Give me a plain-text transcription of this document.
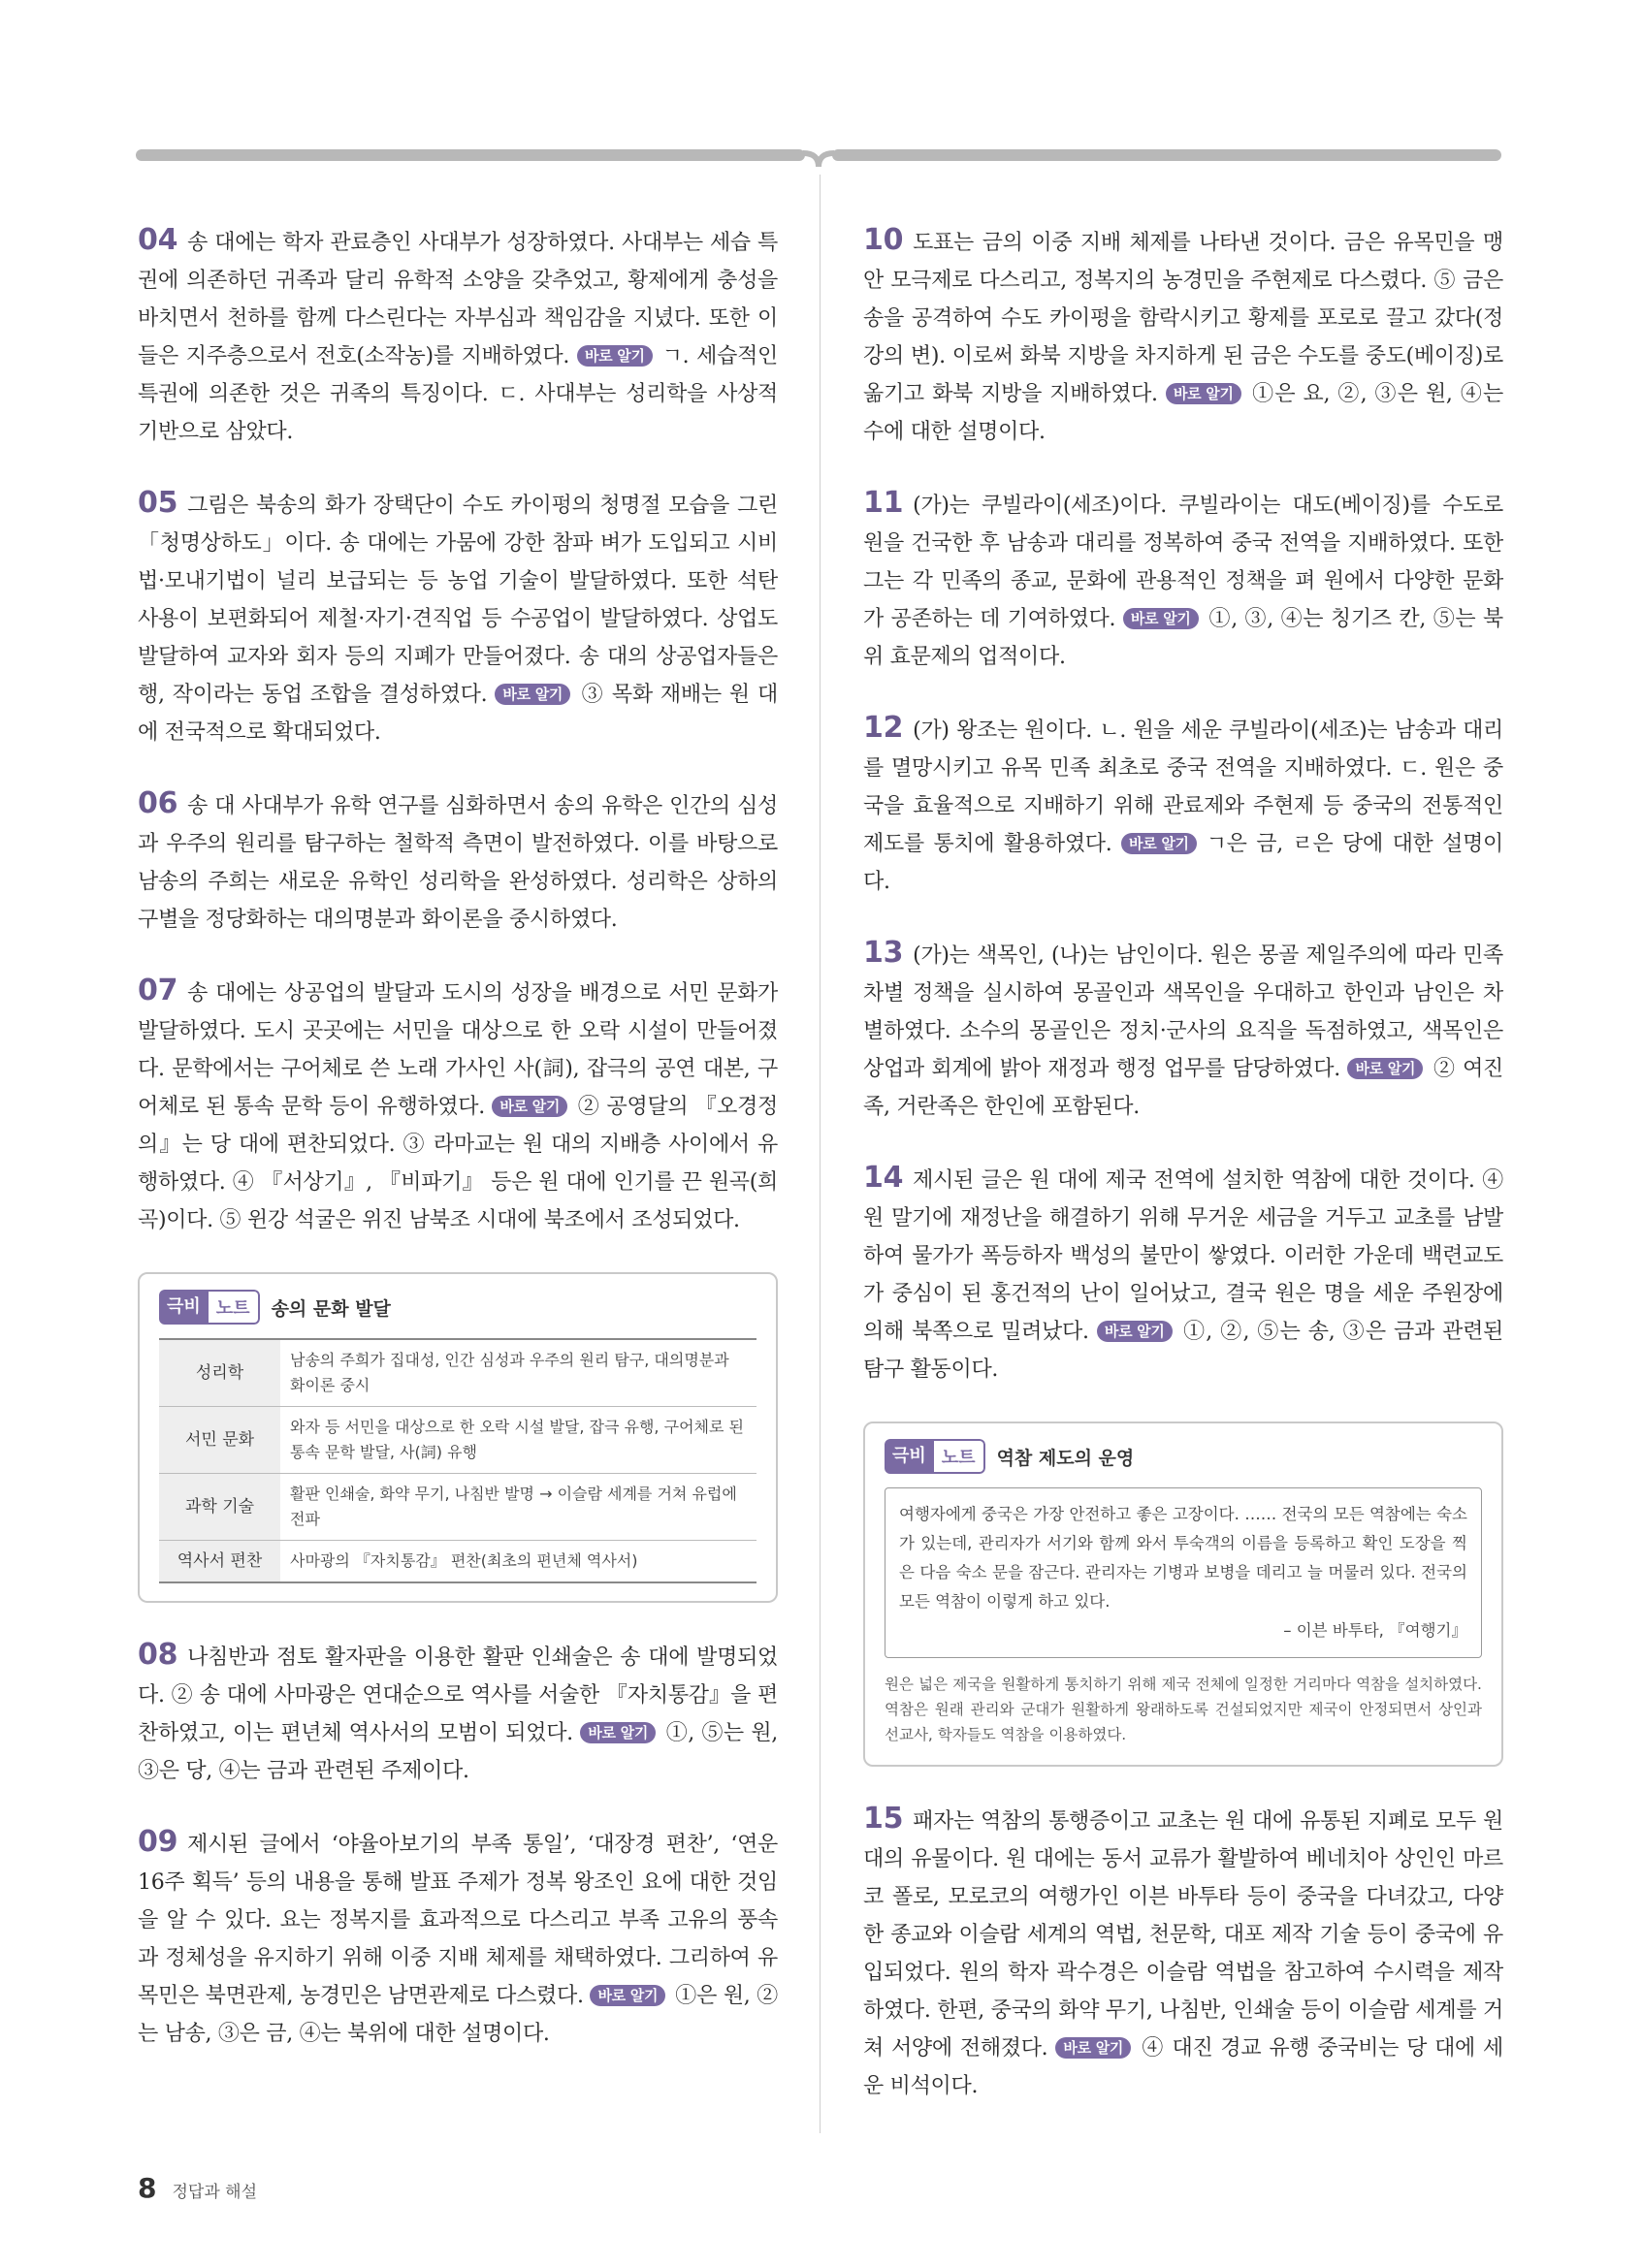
04 송 대에는 학자 관료층인 사대부가 성장하였다. 사대부는 세습 특권에 의존하던 귀족과 달리 유학적 소양을 갖추었고, 황제에게 충성을 바치면서 천하를 함께 다스린다는 자부심과 책임감을 지녔다. 또한 이들은 지주층으로서 전호(소작농)를 지배하였다. 바로 알기 ㄱ. 세습적인 특권에 의존한 것은 귀족의 특징이다. ㄷ. 사대부는 성리학을 사상적 기반으로 삼았다.
05 그림은 북송의 화가 장택단이 수도 카이펑의 청명절 모습을 그린 「청명상하도」이다. 송 대에는 가뭄에 강한 참파 벼가 도입되고 시비법·모내기법이 널리 보급되는 등 농업 기술이 발달하였다. 또한 석탄 사용이 보편화되어 제철·자기·견직업 등 수공업이 발달하였다. 상업도 발달하여 교자와 회자 등의 지폐가 만들어졌다. 송 대의 상공업자들은 행, 작이라는 동업 조합을 결성하였다. 바로 알기 ③ 목화 재배는 원 대에 전국적으로 확대되었다.
06 송 대 사대부가 유학 연구를 심화하면서 송의 유학은 인간의 심성과 우주의 원리를 탐구하는 철학적 측면이 발전하였다. 이를 바탕으로 남송의 주희는 새로운 유학인 성리학을 완성하였다. 성리학은 상하의 구별을 정당화하는 대의명분과 화이론을 중시하였다.
07 송 대에는 상공업의 발달과 도시의 성장을 배경으로 서민 문화가 발달하였다. 도시 곳곳에는 서민을 대상으로 한 오락 시설이 만들어졌다. 문학에서는 구어체로 쓴 노래 가사인 사(詞), 잡극의 공연 대본, 구어체로 된 통속 문학 등이 유행하였다. 바로 알기 ② 공영달의 『오경정의』는 당 대에 편찬되었다. ③ 라마교는 원 대의 지배층 사이에서 유행하였다. ④ 『서상기』, 『비파기』 등은 원 대에 인기를 끈 원곡(희곡)이다. ⑤ 윈강 석굴은 위진 남북조 시대에 북조에서 조성되었다.
극비 노트	송의 문화 발달
성리학	남송의 주희가 집대성, 인간 심성과 우주의 원리 탐구, 대의명분과 화이론 중시
서민 문화	와자 등 서민을 대상으로 한 오락 시설 발달, 잡극 유행, 구어체로 된 통속 문학 발달, 사(詞) 유행
과학 기술	활판 인쇄술, 화약 무기, 나침반 발명 → 이슬람 세계를 거쳐 유럽에 전파
역사서 편찬	사마광의 『자치통감』 편찬(최초의 편년체 역사서)
08 나침반과 점토 활자판을 이용한 활판 인쇄술은 송 대에 발명되었다. ② 송 대에 사마광은 연대순으로 역사를 서술한 『자치통감』을 편찬하였고, 이는 편년체 역사서의 모범이 되었다. 바로 알기 ①, ⑤는 원, ③은 당, ④는 금과 관련된 주제이다.
09 제시된 글에서 ‘야율아보기의 부족 통일’, ‘대장경 편찬’, ‘연운 16주 획득’ 등의 내용을 통해 발표 주제가 정복 왕조인 요에 대한 것임을 알 수 있다. 요는 정복지를 효과적으로 다스리고 부족 고유의 풍속과 정체성을 유지하기 위해 이중 지배 체제를 채택하였다. 그리하여 유목민은 북면관제, 농경민은 남면관제로 다스렸다. 바로 알기 ①은 원, ②는 남송, ③은 금, ④는 북위에 대한 설명이다.
10 도표는 금의 이중 지배 체제를 나타낸 것이다. 금은 유목민을 맹안 모극제로 다스리고, 정복지의 농경민을 주현제로 다스렸다. ⑤ 금은 송을 공격하여 수도 카이펑을 함락시키고 황제를 포로로 끌고 갔다(정강의 변). 이로써 화북 지방을 차지하게 된 금은 수도를 중도(베이징)로 옮기고 화북 지방을 지배하였다. 바로 알기 ①은 요, ②, ③은 원, ④는 수에 대한 설명이다.
11 (가)는 쿠빌라이(세조)이다. 쿠빌라이는 대도(베이징)를 수도로 원을 건국한 후 남송과 대리를 정복하여 중국 전역을 지배하였다. 또한 그는 각 민족의 종교, 문화에 관용적인 정책을 펴 원에서 다양한 문화가 공존하는 데 기여하였다. 바로 알기 ①, ③, ④는 칭기즈 칸, ⑤는 북위 효문제의 업적이다.
12 (가) 왕조는 원이다. ㄴ. 원을 세운 쿠빌라이(세조)는 남송과 대리를 멸망시키고 유목 민족 최초로 중국 전역을 지배하였다. ㄷ. 원은 중국을 효율적으로 지배하기 위해 관료제와 주현제 등 중국의 전통적인 제도를 통치에 활용하였다. 바로 알기 ㄱ은 금, ㄹ은 당에 대한 설명이다.
13 (가)는 색목인, (나)는 남인이다. 원은 몽골 제일주의에 따라 민족 차별 정책을 실시하여 몽골인과 색목인을 우대하고 한인과 남인은 차별하였다. 소수의 몽골인은 정치·군사의 요직을 독점하였고, 색목인은 상업과 회계에 밝아 재정과 행정 업무를 담당하였다. 바로 알기 ② 여진족, 거란족은 한인에 포함된다.
14 제시된 글은 원 대에 제국 전역에 설치한 역참에 대한 것이다. ④ 원 말기에 재정난을 해결하기 위해 무거운 세금을 거두고 교초를 남발하여 물가가 폭등하자 백성의 불만이 쌓였다. 이러한 가운데 백련교도가 중심이 된 홍건적의 난이 일어났고, 결국 원은 명을 세운 주원장에 의해 북쪽으로 밀려났다. 바로 알기 ①, ②, ⑤는 송, ③은 금과 관련된 탐구 활동이다.
극비 노트	역참 제도의 운영
여행자에게 중국은 가장 안전하고 좋은 고장이다. …… 전국의 모든 역참에는 숙소가 있는데, 관리자가 서기와 함께 와서 투숙객의 이름을 등록하고 확인 도장을 찍은 다음 숙소 문을 잠근다. 관리자는 기병과 보병을 데리고 늘 머물러 있다. 전국의 모든 역참이 이렇게 하고 있다.
– 이븐 바투타, 『여행기』
원은 넓은 제국을 원활하게 통치하기 위해 제국 전체에 일정한 거리마다 역참을 설치하였다. 역참은 원래 관리와 군대가 원활하게 왕래하도록 건설되었지만 제국이 안정되면서 상인과 선교사, 학자들도 역참을 이용하였다.
15 패자는 역참의 통행증이고 교초는 원 대에 유통된 지폐로 모두 원 대의 유물이다. 원 대에는 동서 교류가 활발하여 베네치아 상인인 마르코 폴로, 모로코의 여행가인 이븐 바투타 등이 중국을 다녀갔고, 다양한 종교와 이슬람 세계의 역법, 천문학, 대포 제작 기술 등이 중국에 유입되었다. 원의 학자 곽수경은 이슬람 역법을 참고하여 수시력을 제작하였다. 한편, 중국의 화약 무기, 나침반, 인쇄술 등이 이슬람 세계를 거쳐 서양에 전해졌다. 바로 알기 ④ 대진 경교 유행 중국비는 당 대에 세운 비석이다.
8 정답과 해설
